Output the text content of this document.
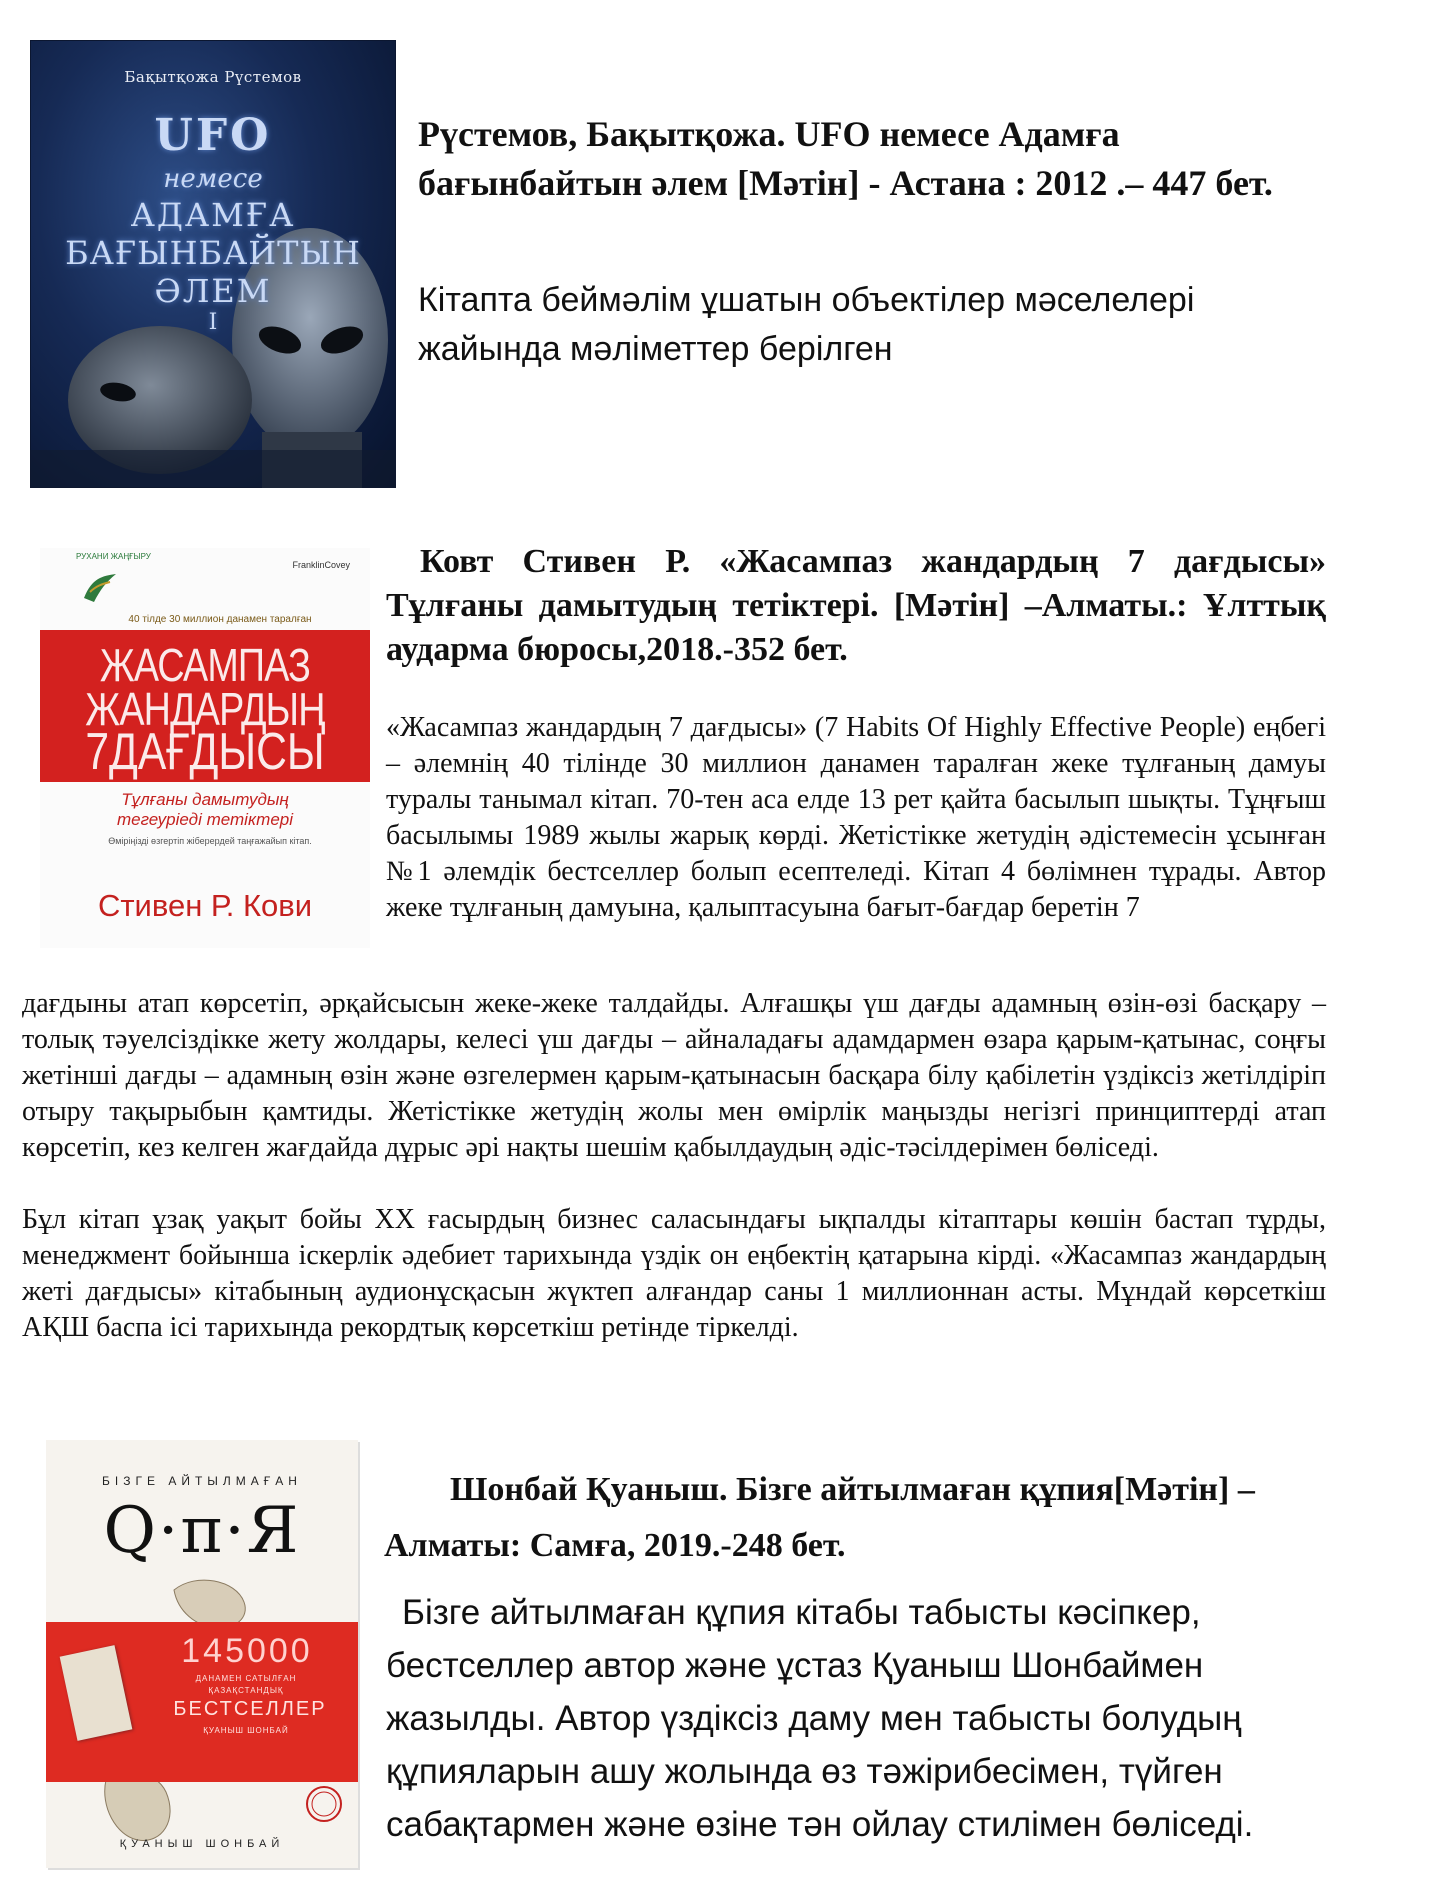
Бақытқожа Рүстемов
UFO
немесе
АДАМҒА
БАҒЫНБАЙТЫН
ӘЛЕМ
I
Рүстемов, Бақытқожа. UFO немесе Адамға бағынбайтын әлем [Мәтін] - Астана : 2012 .– 447 бет.
Кітапта беймәлім ұшатын объектілер мәселелері жайында мәліметтер берілген
РУХАНИ ЖАҢҒЫРУ
FranklinCovey
40 тілде 30 миллион данамен таралған
ЖАСАМПАЗ
ЖАНДАРДЫҢ
7ДАҒДЫСЫ
Тұлғаны дамытудың
тегеуріеді тетіктері
Өміріңізді өзгертіп жіберердей таңғажайып кітап.
Стивен Р. Кови
Ковт Стивен Р. «Жасампаз жандардың 7 дағдысы» Тұлғаны дамытудың тетіктері. [Мәтін] –Алматы.: Ұлттық аударма бюросы,2018.-352 бет.
«Жасампаз жандардың 7 дағдысы» (7 Habits Of Highly Effective People) еңбегі – әлемнің 40 тілінде 30 миллион данамен таралған жеке тұлғаның дамуы туралы танымал кітап. 70-тен аса елде 13 рет қайта басылып шықты. Тұңғыш басылымы 1989 жылы жарық көрді. Жетістікке жетудің әдістемесін ұсынған №1 әлемдік бестселлер болып есептеледі. Кітап 4 бөлімнен тұрады. Автор жеке тұлғаның дамуына, қалыптасуына бағыт-бағдар беретін 7
дағдыны атап көрсетіп, әрқайсысын жеке-жеке талдайды. Алғашқы үш дағды адамның өзін-өзі басқару – толық тәуелсіздікке жету жолдары, келесі үш дағды – айналадағы адамдармен өзара қарым-қатынас, соңғы жетінші дағды – адамның өзін және өзгелермен қарым-қатынасын басқара білу қабілетін үздіксіз жетілдіріп отыру тақырыбын қамтиды. Жетістікке жетудің жолы мен өмірлік маңызды негізгі принциптерді атап көрсетіп, кез келген жағдайда дұрыс әрі нақты шешім қабылдаудың әдіс-тәсілдерімен бөліседі.
Бұл кітап ұзақ уақыт бойы XX ғасырдың бизнес саласындағы ықпалды кітаптары көшін бастап тұрды, менеджмент бойынша іскерлік әдебиет тарихында үздік он еңбектің қатарына кірді. «Жасампаз жандардың жеті дағдысы» кітабының аудионұсқасын жүктеп алғандар саны 1 миллионнан асты. Мұндай көрсеткіш АҚШ баспа ісі тарихында рекордтық көрсеткіш ретінде тіркелді.
БІЗГЕ АЙТЫЛМАҒАН
Q·π·Я
145000
ДАНАМЕН САТЫЛҒАН
ҚАЗАҚСТАНДЫҚ
БЕСТСЕЛЛЕР
ҚУАНЫШ ШОНБАЙ
ҚУАНЫШ ШОНБАЙ
Шонбай Қуаныш. Бізге айтылмаған құпия[Мәтін] –Алматы: Самға, 2019.-248 бет.
Бізге айтылмаған құпия кітабы табысты кәсіпкер, бестселлер автор және ұстаз Қуаныш Шонбаймен жазылды. Автор үздіксіз даму мен табысты болудың құпияларын ашу жолында өз тәжірибесімен, түйген сабақтармен және өзіне тән ойлау стилімен бөліседі.
